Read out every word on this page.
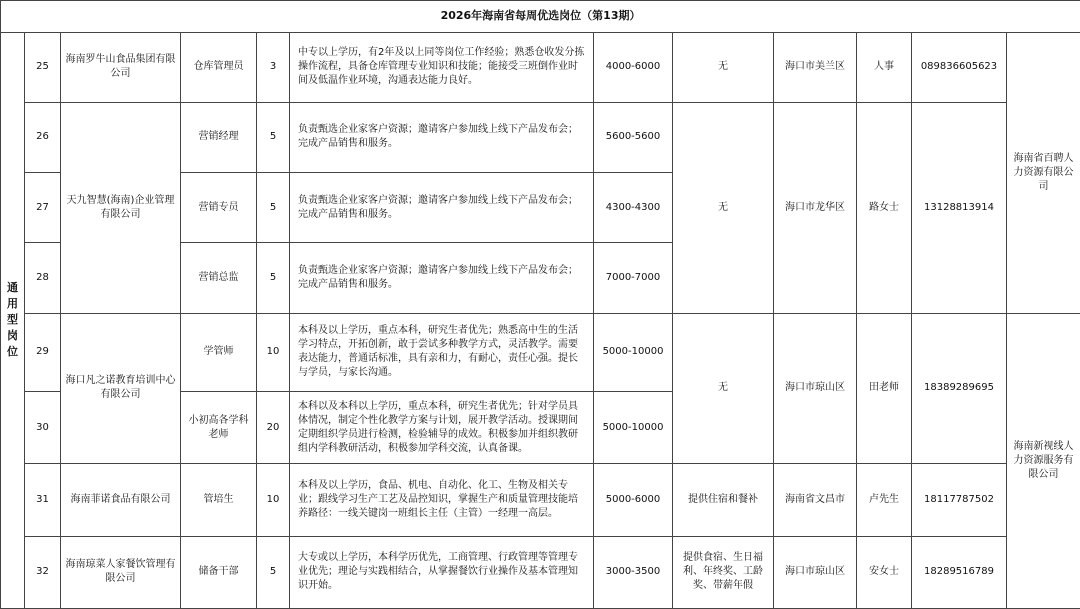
2026年海南省每周优选岗位（第13期）											
通用型岗位	25	海南罗牛山食品集团有限公司	仓库管理员	3	中专以上学历，有2年及以上同等岗位工作经验；熟悉仓收发分拣操作流程，具备仓库管理专业知识和技能；能接受三班倒作业时间及低温作业环境，沟通表达能力良好。	4000-6000	无	海口市美兰区	人事	089836605623	海南省百聘人力资源有限公司
	26	天九智慧(海南)企业管理有限公司	营销经理	5	负责甄选企业家客户资源；邀请客户参加线上线下产品发布会；完成产品销售和服务。	5600-5600	无	海口市龙华区	路女士	13128813914	
	27		营销专员	5	负责甄选企业家客户资源；邀请客户参加线上线下产品发布会；完成产品销售和服务。	4300-4300					
	28		营销总监	5	负责甄选企业家客户资源；邀请客户参加线上线下产品发布会；完成产品销售和服务。	7000-7000					
	29	海口凡之诺教育培训中心有限公司	学管师	10	本科及以上学历，重点本科，研究生者优先；熟悉高中生的生活学习特点，开拓创新，敢于尝试多种教学方式，灵活教学。需要表达能力，普通话标准，具有亲和力，有耐心，责任心强。提长与学员，与家长沟通。	5000-10000	无	海口市琼山区	田老师	18389289695	海南新视线人力资源服务有限公司
	30		小初高各学科老师	20	本科以及本科以上学历，重点本科，研究生者优先；针对学员具体情况，制定个性化教学方案与计划，展开教学活动。授课期间定期组织学员进行检测，检验辅导的成效。积极参加并组织教研组内学科教研活动，积极参加学科交流，认真备课。	5000-10000					
	31	海南菲诺食品有限公司	管培生	10	本科及以上学历，食品、机电、自动化、化工、生物及相关专业；跟线学习生产工艺及品控知识，掌握生产和质量管理技能培养路径：一线关键岗一班组长主任（主管）一经理一高层。	5000-6000	提供住宿和餐补	海南省文昌市	卢先生	18117787502	
	32	海南琼菜人家餐饮管理有限公司	储备干部	5	大专或以上学历，本科学历优先，工商管理、行政管理等管理专业优先；理论与实践相结合，从掌握餐饮行业操作及基本管理知识开始。	3000-3500	提供食宿、生日福利、年终奖、工龄奖、带薪年假	海口市琼山区	安女士	18289516789	
